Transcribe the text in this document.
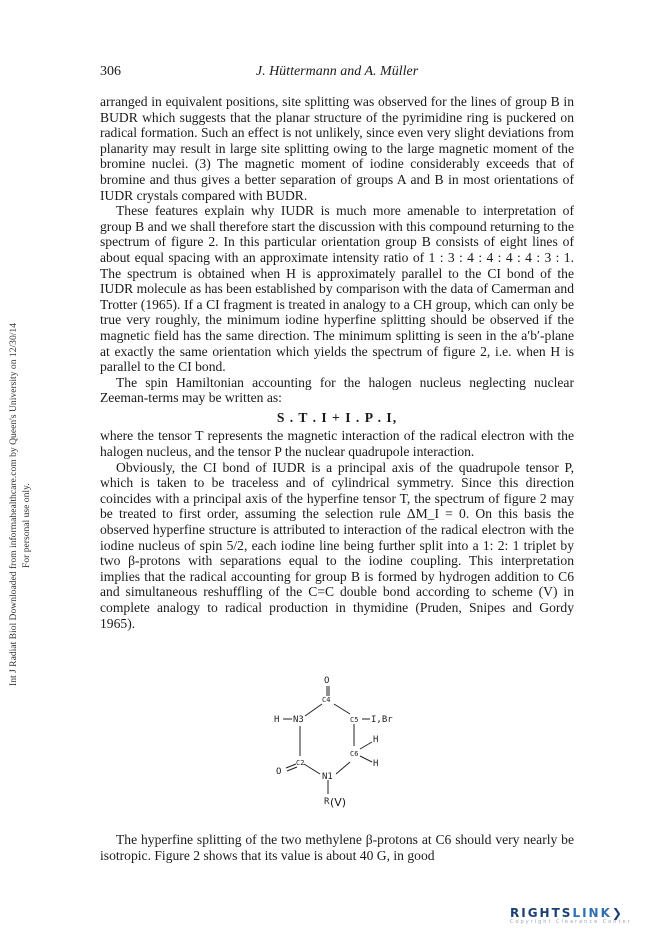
Int J Radiat Biol Downloaded from informahealthcare.com by Queen's University on 12/30/14 For personal use only.
306	J. Hüttermann and A. Müller

arranged in equivalent positions, site splitting was observed for the lines of group B in BUDR which suggests that the planar structure of the pyrimidine ring is puckered on radical formation. Such an effect is not unlikely, since even very slight deviations from planarity may result in large site splitting owing to the large magnetic moment of the bromine nuclei. (3) The magnetic moment of iodine considerably exceeds that of bromine and thus gives a better separation of groups A and B in most orientations of IUDR crystals compared with BUDR.

These features explain why IUDR is much more amenable to interpretation of group B and we shall therefore start the discussion with this compound returning to the spectrum of figure 2. In this particular orientation group B consists of eight lines of about equal spacing with an approximate intensity ratio of 1 : 3 : 4 : 4 : 4 : 4 : 3 : 1. The spectrum is obtained when H is approximately parallel to the CI bond of the IUDR molecule as has been established by comparison with the data of Camerman and Trotter (1965). If a CI fragment is treated in analogy to a CH group, which can only be true very roughly, the minimum iodine hyperfine splitting should be observed if the magnetic field has the same direction. The minimum splitting is seen in the a′b′-plane at exactly the same orientation which yields the spectrum of figure 2, i.e. when H is parallel to the CI bond.

The spin Hamiltonian accounting for the halogen nucleus neglecting nuclear Zeeman-terms may be written as:

S . T . I + I . P . I,

where the tensor T represents the magnetic interaction of the radical electron with the halogen nucleus, and the tensor P the nuclear quadrupole interaction.

Obviously, the CI bond of IUDR is a principal axis of the quadrupole tensor P, which is taken to be traceless and of cylindrical symmetry. Since this direction coincides with a principal axis of the hyperfine tensor T, the spectrum of figure 2 may be treated to first order, assuming the selection rule ΔM_I = 0. On this basis the observed hyperfine structure is attributed to interaction of the radical electron with the iodine nucleus of spin 5/2, each iodine line being further split into a 1: 2: 1 triplet by two β-protons with separations equal to the iodine coupling. This interpretation implies that the radical accounting for group B is formed by hydrogen addition to C6 and simultaneous reshuffling of the C=C double bond according to scheme (V) in complete analogy to radical production in thymidine (Pruden, Snipes and Gordy 1965).

O
C4
H N3	C5 I,Br
C2
C6
O	N1
H
H
R (V)

The hyperfine splitting of the two methylene β-protons at C6 should very nearly be isotropic. Figure 2 shows that its value is about 40 G, in good

RIGHTSLINK❯
Copyright Clearance Center
